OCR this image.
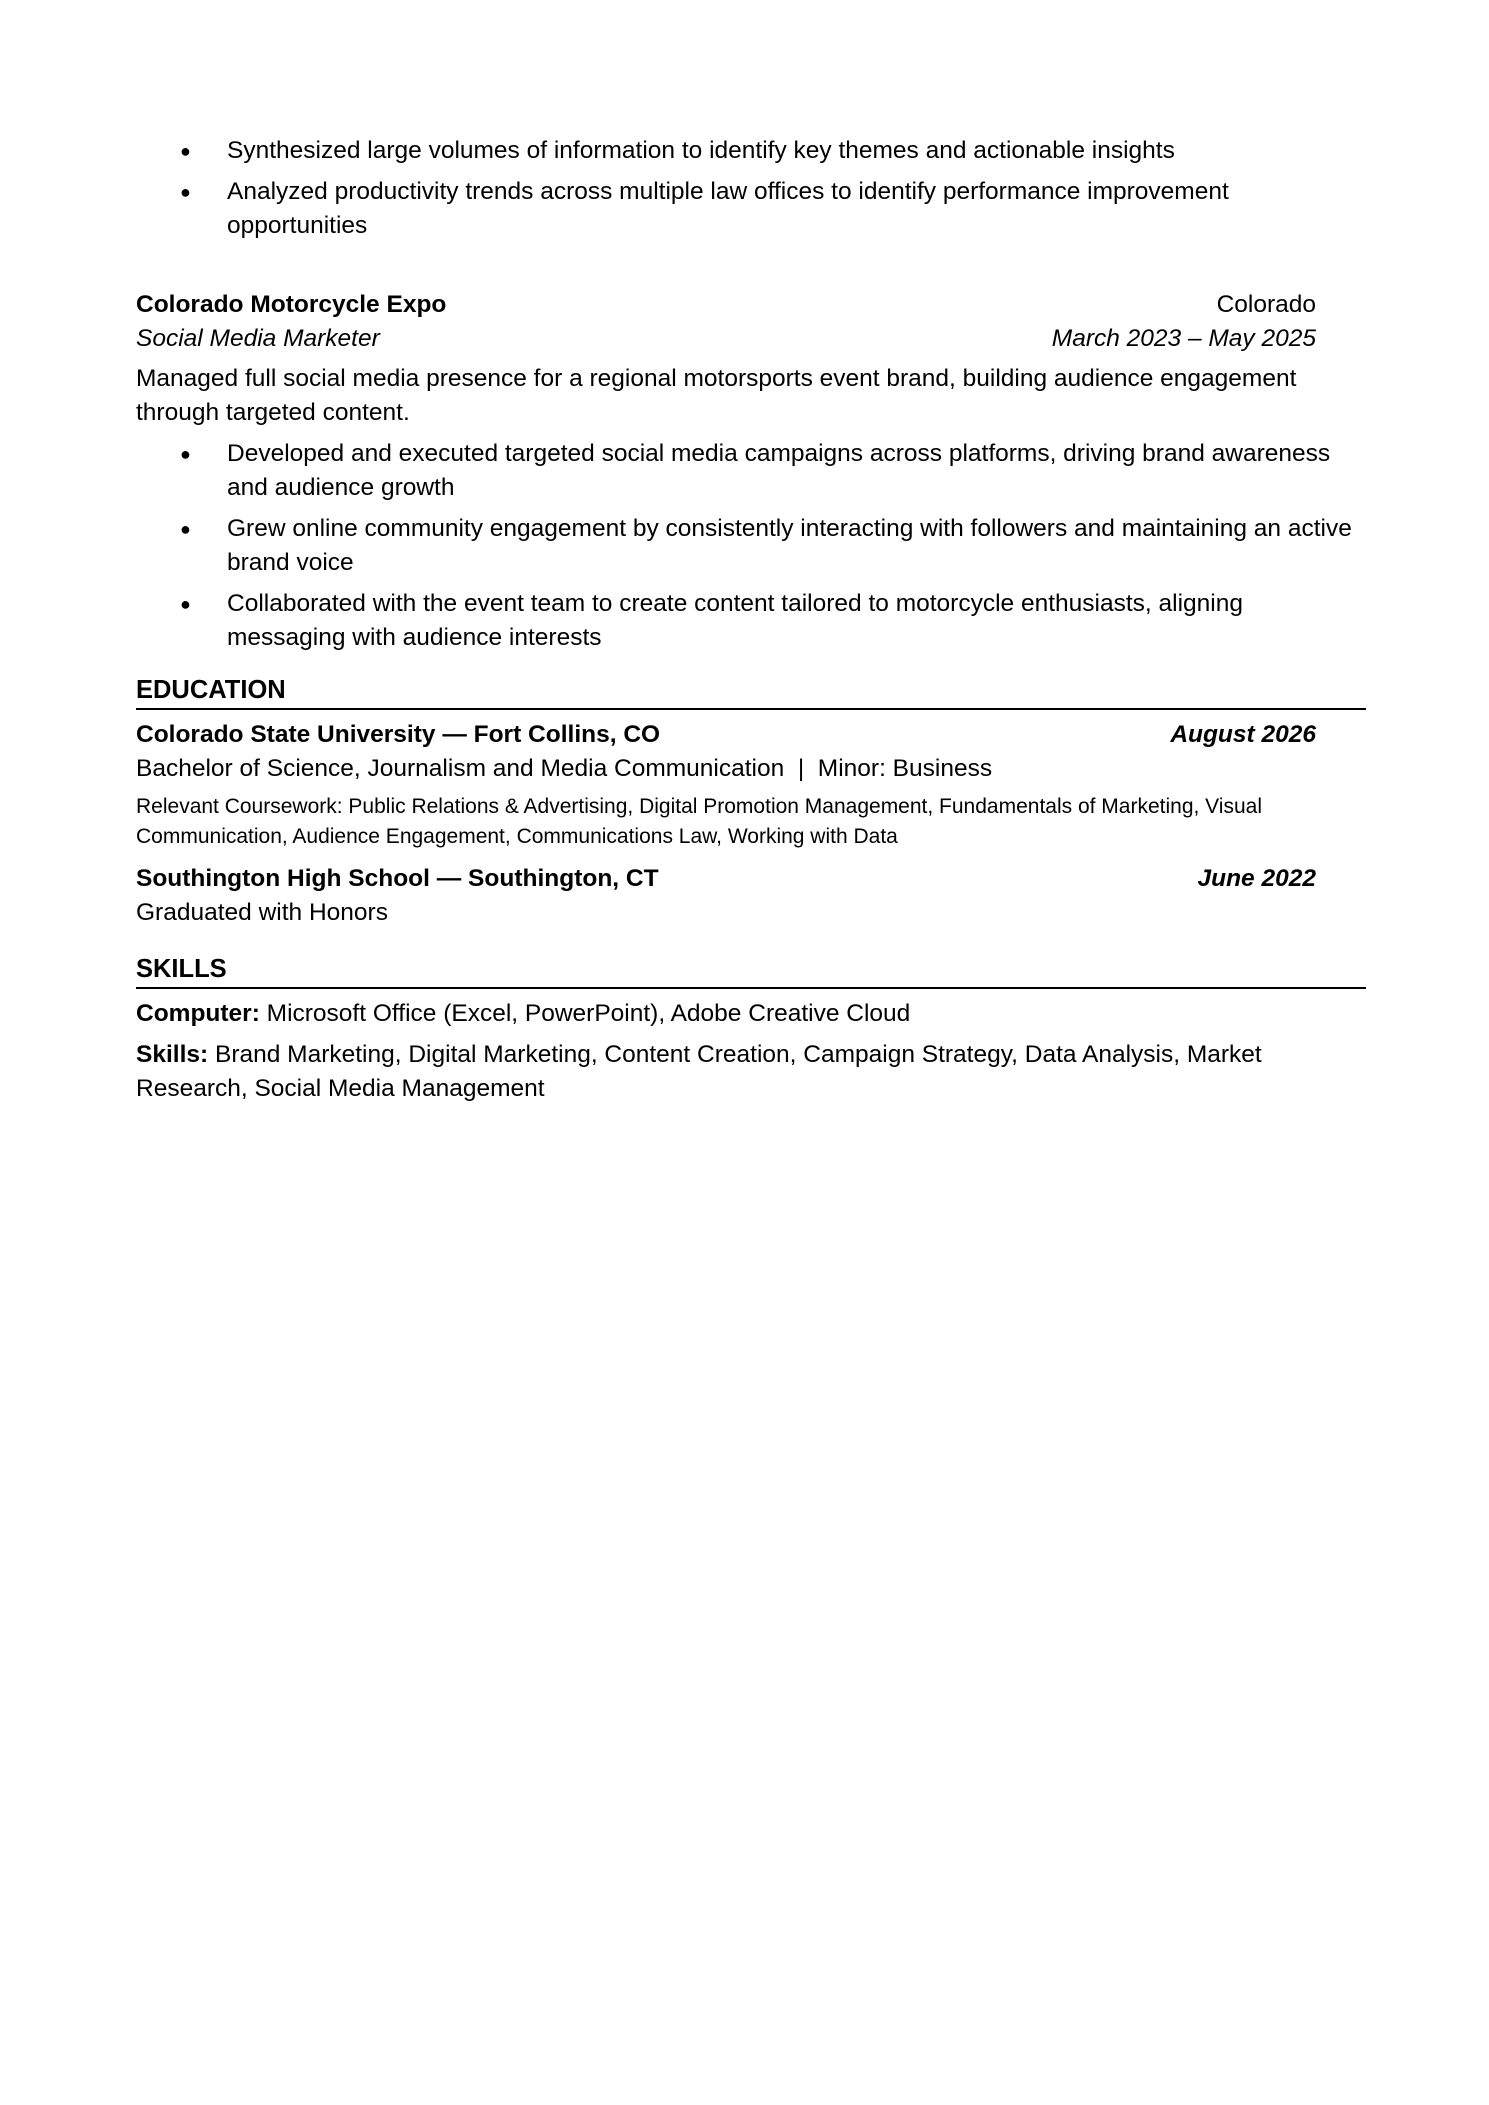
● Synthesized large volumes of information to identify key themes and actionable insights
● Analyzed productivity trends across multiple law offices to identify performance improvement opportunities
Colorado Motorcycle Expo	Colorado
Social Media Marketer	March 2023 – May 2025
Managed full social media presence for a regional motorsports event brand, building audience engagement through targeted content.
● Developed and executed targeted social media campaigns across platforms, driving brand awareness and audience growth
● Grew online community engagement by consistently interacting with followers and maintaining an active brand voice
● Collaborated with the event team to create content tailored to motorcycle enthusiasts, aligning messaging with audience interests
EDUCATION
Colorado State University — Fort Collins, CO	August 2026
Bachelor of Science, Journalism and Media Communication  |  Minor: Business
Relevant Coursework: Public Relations & Advertising, Digital Promotion Management, Fundamentals of Marketing, Visual Communication, Audience Engagement, Communications Law, Working with Data
Southington High School — Southington, CT	June 2022
Graduated with Honors
SKILLS
Computer: Microsoft Office (Excel, PowerPoint), Adobe Creative Cloud
Skills: Brand Marketing, Digital Marketing, Content Creation, Campaign Strategy, Data Analysis, Market Research, Social Media Management
